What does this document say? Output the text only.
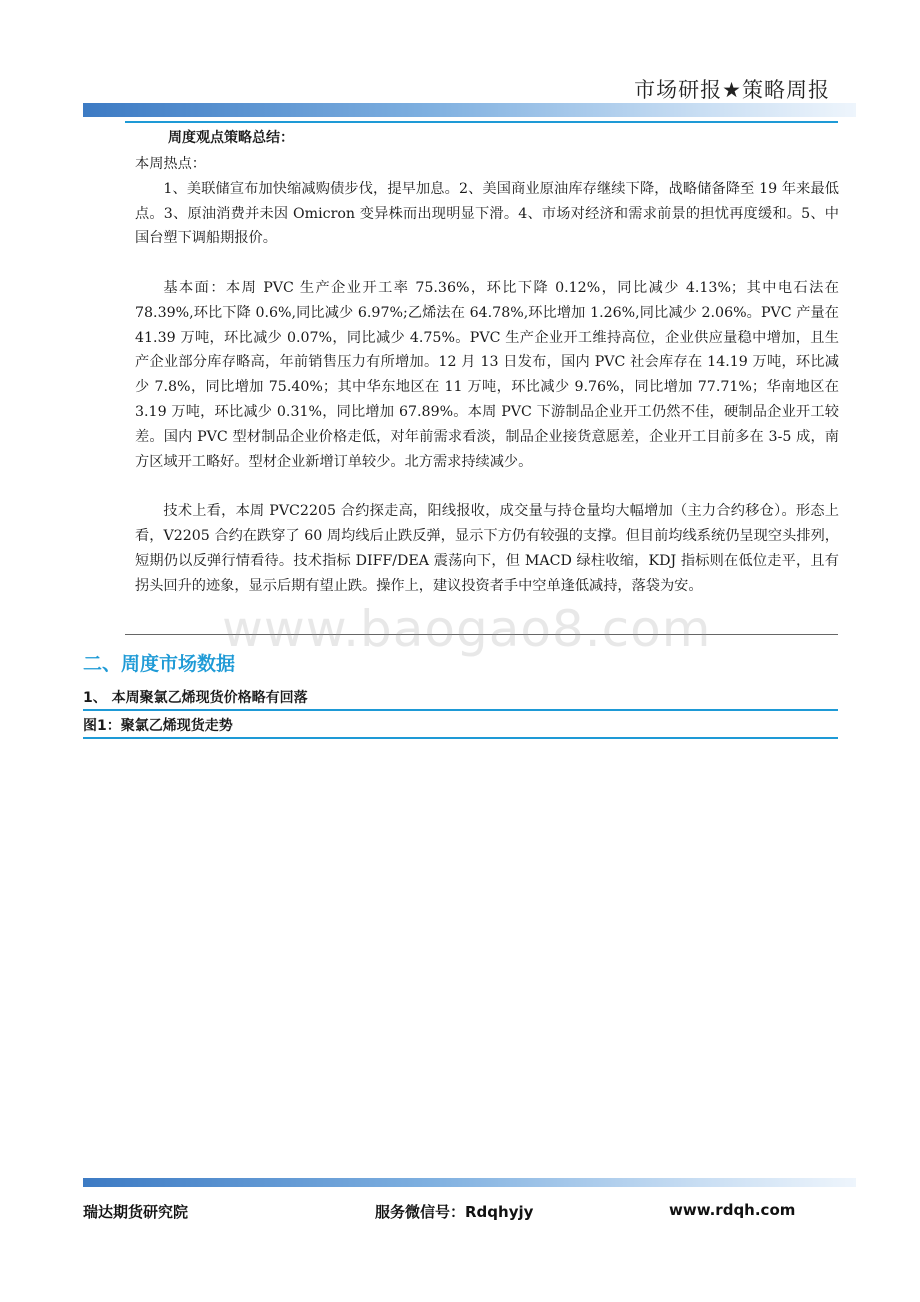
市场研报★策略周报
周度观点策略总结：

本周热点：

1、美联储宣布加快缩减购债步伐，提早加息。2、美国商业原油库存继续下降，战略储备降至 19 年来最低点。3、原油消费并未因 Omicron 变异株而出现明显下滑。4、市场对经济和需求前景的担忧再度缓和。5、中国台塑下调船期报价。

基本面：本周 PVC 生产企业开工率 75.36%，环比下降 0.12%，同比减少 4.13%；其中电石法在 78.39%,环比下降 0.6%,同比减少 6.97%;乙烯法在 64.78%,环比增加 1.26%,同比减少 2.06%。PVC 产量在 41.39 万吨，环比减少 0.07%，同比减少 4.75%。PVC 生产企业开工维持高位，企业供应量稳中增加，且生产企业部分库存略高，年前销售压力有所增加。12 月 13 日发布，国内 PVC 社会库存在 14.19 万吨，环比减少 7.8%，同比增加 75.40%；其中华东地区在 11 万吨，环比减少 9.76%，同比增加 77.71%；华南地区在 3.19 万吨，环比减少 0.31%，同比增加 67.89%。本周 PVC 下游制品企业开工仍然不佳，硬制品企业开工较差。国内 PVC 型材制品企业价格走低，对年前需求看淡，制品企业接货意愿差，企业开工目前多在 3-5 成，南方区域开工略好。型材企业新增订单较少。北方需求持续减少。

技术上看，本周 PVC2205 合约探走高，阳线报收，成交量与持仓量均大幅增加（主力合约移仓）。形态上看，V2205 合约在跌穿了 60 周均线后止跌反弹，显示下方仍有较强的支撑。但目前均线系统仍呈现空头排列，短期仍以反弹行情看待。技术指标 DIFF/DEA 震荡向下，但 MACD 绿柱收缩，KDJ 指标则在低位走平，且有拐头回升的迹象，显示后期有望止跌。操作上，建议投资者手中空单逢低减持，落袋为安。

www.baogao8.com
二、周度市场数据
1、 本周聚氯乙烯现货价格略有回落
图1：聚氯乙烯现货走势
瑞达期货研究院	服务微信号：Rdqhyjy	www.rdqh.com
